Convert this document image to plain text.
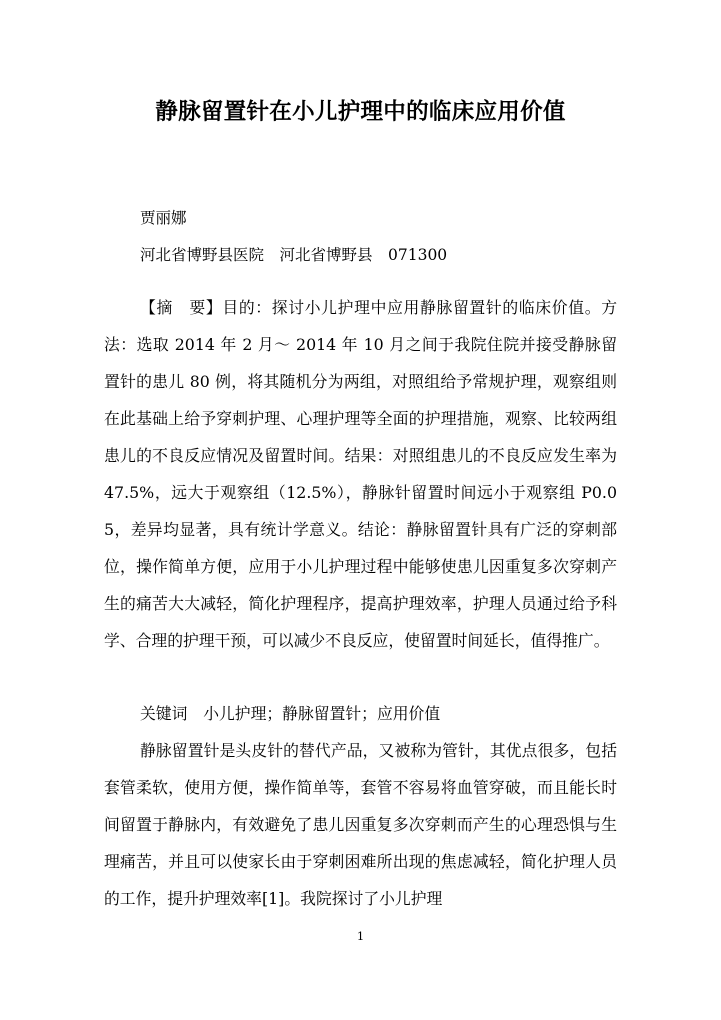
静脉留置针在小儿护理中的临床应用价值
贾丽娜
河北省博野县医院　河北省博野县　071300

【摘　要】目的：探讨小儿护理中应用静脉留置针的临床价值。方法：选取 2014 年 2 月～ 2014 年 10 月之间于我院住院并接受静脉留置针的患儿 80 例，将其随机分为两组，对照组给予常规护理，观察组则在此基础上给予穿刺护理、心理护理等全面的护理措施，观察、比较两组患儿的不良反应情况及留置时间。结果：对照组患儿的不良反应发生率为 47.5%，远大于观察组（12.5%），静脉针留置时间远小于观察组 P0.05，差异均显著，具有统计学意义。结论：静脉留置针具有广泛的穿刺部位，操作简单方便，应用于小儿护理过程中能够使患儿因重复多次穿刺产生的痛苦大大减轻，简化护理程序，提高护理效率，护理人员通过给予科学、合理的护理干预，可以减少不良反应，使留置时间延长，值得推广。

关键词　小儿护理；静脉留置针；应用价值

静脉留置针是头皮针的替代产品，又被称为管针，其优点很多，包括套管柔软，使用方便，操作简单等，套管不容易将血管穿破，而且能长时间留置于静脉内，有效避免了患儿因重复多次穿刺而产生的心理恐惧与生理痛苦，并且可以使家长由于穿刺困难所出现的焦虑减轻，简化护理人员的工作，提升护理效率[1]。我院探讨了小儿护理

1
